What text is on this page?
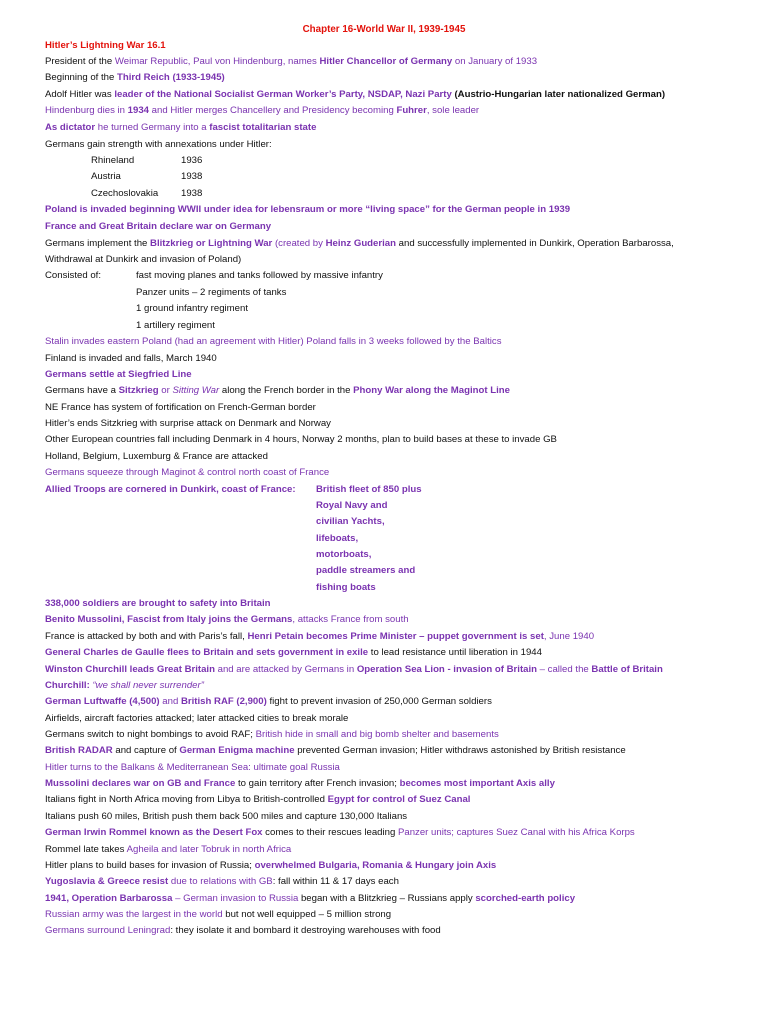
Chapter 16-World War II, 1939-1945
Hitler’s Lightning War 16.1
President of the Weimar Republic, Paul von Hindenburg, names Hitler Chancellor of Germany on January of 1933
Beginning of the Third Reich (1933-1945)
Adolf Hitler was leader of the National Socialist German Worker’s Party, NSDAP, Nazi Party (Austrio-Hungarian later nationalized German)
Hindenburg dies in 1934 and Hitler merges Chancellery and Presidency becoming Fuhrer, sole leader
As dictator he turned Germany into a fascist totalitarian state
Germans gain strength with annexations under Hitler:
Rhineland	1936
Austria	1938
Czechoslovakia 1938
Poland is invaded beginning WWII under idea for lebensraum or more “living space” for the German people in 1939
France and Great Britain declare war on Germany
Germans implement the Blitzkrieg or Lightning War (created by Heinz Guderian and successfully implemented in Dunkirk, Operation Barbarossa,
Withdrawal at Dunkirk and invasion of Poland)
Consisted of:	fast moving planes and tanks followed by massive infantry
Panzer units – 2 regiments of tanks
1 ground infantry regiment
1 artillery regiment
Stalin invades eastern Poland (had an agreement with Hitler) Poland falls in 3 weeks followed by the Baltics
Finland is invaded and falls, March 1940
Germans settle at Siegfried Line
Germans have a Sitzkrieg or Sitting War along the French border in the Phony War along the Maginot Line
NE France has system of fortification on French-German border
Hitler’s ends Sitzkrieg with surprise attack on Denmark and Norway
Other European countries fall including Denmark in 4 hours, Norway 2 months, plan to build bases at these to invade GB
Holland, Belgium, Luxemburg & France are attacked
Germans squeeze through Maginot & control north coast of France
Allied Troops are cornered in Dunkirk, coast of France: British fleet of 850 plus
Royal Navy and
civilian Yachts,
lifeboats,
motorboats,
paddle streamers and
fishing boats
338,000 soldiers are brought to safety into Britain
Benito Mussolini, Fascist from Italy joins the Germans, attacks France from south
France is attacked by both and with Paris’s fall, Henri Petain becomes Prime Minister – puppet government is set, June 1940
General Charles de Gaulle flees to Britain and sets government in exile to lead resistance until liberation in 1944
Winston Churchill leads Great Britain and are attacked by Germans in Operation Sea Lion - invasion of Britain – called the Battle of Britain
Churchill: “we shall never surrender”
German Luftwaffe (4,500) and British RAF (2,900) fight to prevent invasion of 250,000 German soldiers
Airfields, aircraft factories attacked; later attacked cities to break morale
Germans switch to night bombings to avoid RAF; British hide in small and big bomb shelter and basements
British RADAR and capture of German Enigma machine prevented German invasion; Hitler withdraws astonished by British resistance
Hitler turns to the Balkans & Mediterranean Sea: ultimate goal Russia
Mussolini declares war on GB and France to gain territory after French invasion; becomes most important Axis ally
Italians fight in North Africa moving from Libya to British-controlled Egypt for control of Suez Canal
Italians push 60 miles, British push them back 500 miles and capture 130,000 Italians
German Irwin Rommel known as the Desert Fox comes to their rescues leading Panzer units; captures Suez Canal with his Africa Korps
Rommel late takes Agheila and later Tobruk in north Africa
Hitler plans to build bases for invasion of Russia; overwhelmed Bulgaria, Romania & Hungary join Axis
Yugoslavia & Greece resist due to relations with GB: fall within 11 & 17 days each
1941, Operation Barbarossa – German invasion to Russia began with a Blitzkrieg – Russians apply scorched-earth policy
Russian army was the largest in the world but not well equipped – 5 million strong
Germans surround Leningrad: they isolate it and bombard it destroying warehouses with food
